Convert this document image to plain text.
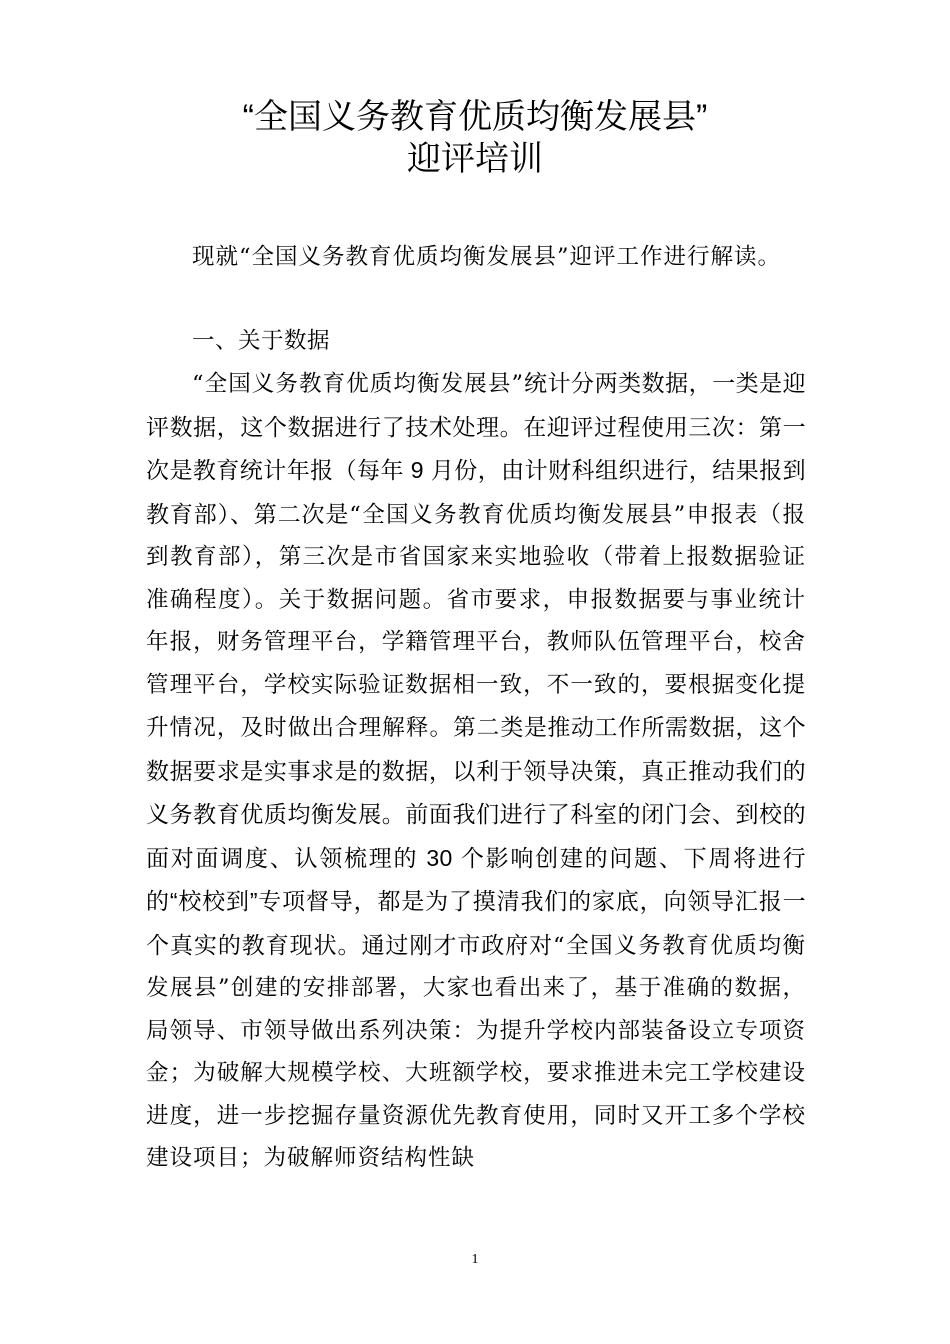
“全国义务教育优质均衡发展县”
迎评培训

现就“全国义务教育优质均衡发展县”迎评工作进行解读。

一、关于数据

“全国义务教育优质均衡发展县”统计分两类数据，一类是迎评数据，这个数据进行了技术处理。在迎评过程使用三次：第一次是教育统计年报（每年 9 月份，由计财科组织进行，结果报到教育部）、第二次是“全国义务教育优质均衡发展县”申报表（报到教育部），第三次是市省国家来实地验收（带着上报数据验证准确程度）。关于数据问题。省市要求，申报数据要与事业统计年报，财务管理平台，学籍管理平台，教师队伍管理平台，校舍管理平台，学校实际验证数据相一致，不一致的，要根据变化提升情况，及时做出合理解释。第二类是推动工作所需数据，这个数据要求是实事求是的数据，以利于领导决策，真正推动我们的义务教育优质均衡发展。前面我们进行了科室的闭门会、到校的面对面调度、认领梳理的 30 个影响创建的问题、下周将进行的“校校到”专项督导，都是为了摸清我们的家底，向领导汇报一个真实的教育现状。通过刚才市政府对“全国义务教育优质均衡发展县”创建的安排部署，大家也看出来了，基于准确的数据，局领导、市领导做出系列决策：为提升学校内部装备设立专项资金；为破解大规模学校、大班额学校，要求推进未完工学校建设进度，进一步挖掘存量资源优先教育使用，同时又开工多个学校建设项目；为破解师资结构性缺

1
